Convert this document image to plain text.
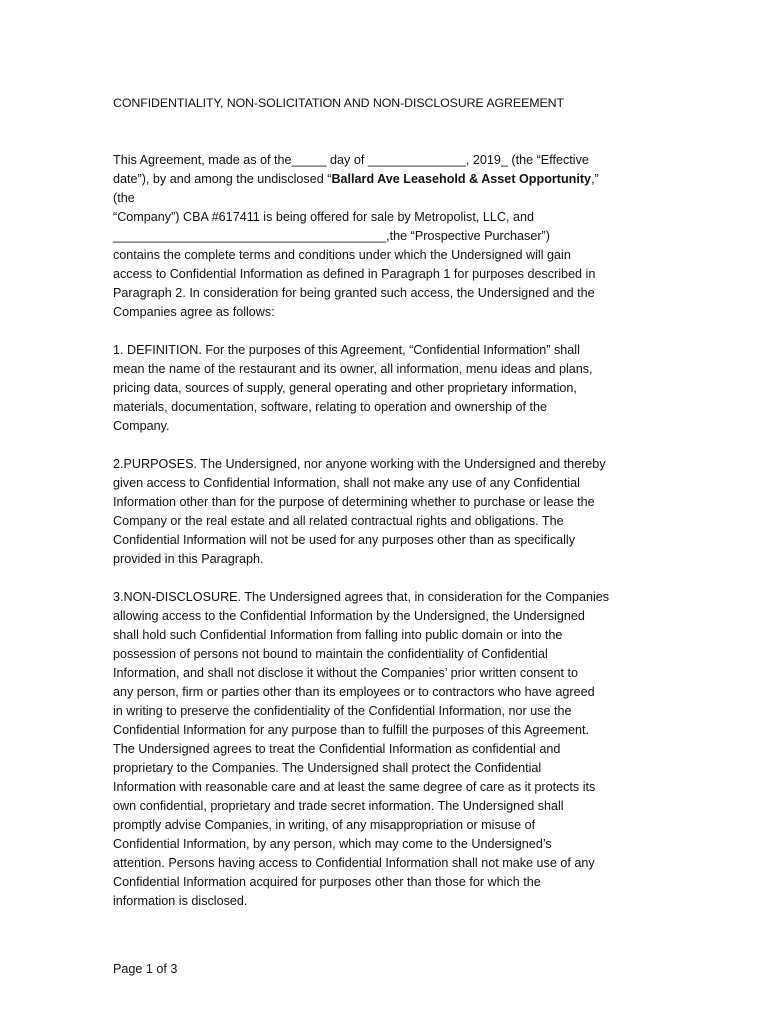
CONFIDENTIALITY, NON-SOLICITATION AND NON-DISCLOSURE AGREEMENT
This Agreement, made as of the_____ day of ______________, 2019_ (the “Effective
date”), by and among the undisclosed “Ballard Ave Leasehold & Asset Opportunity,”
(the
“Company”) CBA #617411 is being offered for sale by Metropolist, LLC, and
_______________________________________,the “Prospective Purchaser”)
contains the complete terms and conditions under which the Undersigned will gain
access to Confidential Information as defined in Paragraph 1 for purposes described in
Paragraph 2. In consideration for being granted such access, the Undersigned and the
Companies agree as follows:
1. DEFINITION. For the purposes of this Agreement, “Confidential Information” shall
mean the name of the restaurant and its owner, all information, menu ideas and plans,
pricing data, sources of supply, general operating and other proprietary information,
materials, documentation, software, relating to operation and ownership of the
Company.
2.PURPOSES. The Undersigned, nor anyone working with the Undersigned and thereby
given access to Confidential Information, shall not make any use of any Confidential
Information other than for the purpose of determining whether to purchase or lease the
Company or the real estate and all related contractual rights and obligations. The
Confidential Information will not be used for any purposes other than as specifically
provided in this Paragraph.
3.NON-DISCLOSURE. The Undersigned agrees that, in consideration for the Companies
allowing access to the Confidential Information by the Undersigned, the Undersigned
shall hold such Confidential Information from falling into public domain or into the
possession of persons not bound to maintain the confidentiality of Confidential
Information, and shall not disclose it without the Companies’ prior written consent to
any person, firm or parties other than its employees or to contractors who have agreed
in writing to preserve the confidentiality of the Confidential Information, nor use the
Confidential Information for any purpose than to fulfill the purposes of this Agreement.
The Undersigned agrees to treat the Confidential Information as confidential and
proprietary to the Companies. The Undersigned shall protect the Confidential
Information with reasonable care and at least the same degree of care as it protects its
own confidential, proprietary and trade secret information. The Undersigned shall
promptly advise Companies, in writing, of any misappropriation or misuse of
Confidential Information, by any person, which may come to the Undersigned’s
attention. Persons having access to Confidential Information shall not make use of any
Confidential Information acquired for purposes other than those for which the
information is disclosed.
Page 1 of 3
